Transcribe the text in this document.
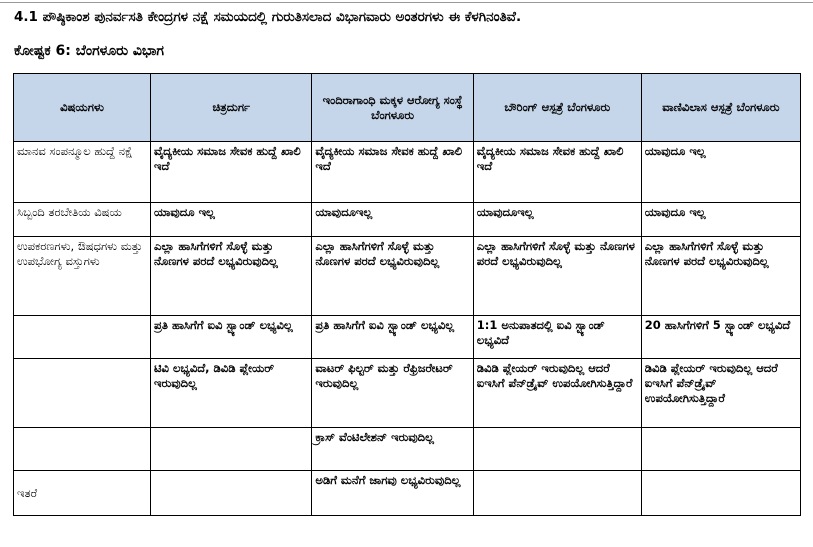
4.1 ಪೌಷ್ಠಿಕಾಂಶ ಪುನರ್ವಸತಿ ಕೇಂದ್ರಗಳ ನಕ್ಷೆ ಸಮಯದಲ್ಲಿ ಗುರುತಿಸಲಾದ ವಿಭಾಗವಾರು ಅಂತರಗಳು ಈ ಕೆಳಗಿನಂತಿವೆ.
ಕೋಷ್ಟಕ 6: ಬೆಂಗಳೂರು ವಿಭಾಗ
ವಿಷಯಗಳು	ಚಿತ್ರದುರ್ಗ	ಇಂದಿರಾಗಾಂಧಿ ಮಕ್ಕಳ ಆರೋಗ್ಯ ಸಂಸ್ಥೆ ಬೆಂಗಳೂರು	ಬೌರಿಂಗ್ ಆಸ್ಪತ್ರೆ ಬೆಂಗಳೂರು	ವಾಣಿವಿಲಾಸ ಆಸ್ಪತ್ರೆ ಬೆಂಗಳೂರು
ಮಾನವ ಸಂಪನ್ಮೂಲ ಹುದ್ದೆ ನಕ್ಷೆ	ವೈದ್ಯಕೀಯ ಸಮಾಜ ಸೇವಕ ಹುದ್ದೆ ಖಾಲಿ ಇದೆ	ವೈದ್ಯಕೀಯ ಸಮಾಜ ಸೇವಕ ಹುದ್ದೆ ಖಾಲಿ ಇದೆ	ವೈದ್ಯಕೀಯ ಸಮಾಜ ಸೇವಕ ಹುದ್ದೆ ಖಾಲಿ ಇದೆ	ಯಾವುದೂ ಇಲ್ಲ
ಸಿಬ್ಬಂದಿ ತರಬೇತಿಯ ವಿಷಯ	ಯಾವುದೂ ಇಲ್ಲ	ಯಾವುದೂಇಲ್ಲ	ಯಾವುದೂಇಲ್ಲ	ಯಾವುದೂ ಇಲ್ಲ
ಉಪಕರಣಗಳು, ಔಷಧಗಳು ಮತ್ತು ಉಪಭೋಗ್ಯ ವಸ್ತುಗಳು	ಎಲ್ಲಾ ಹಾಸಿಗೆಗಳಿಗೆ ಸೊಳ್ಳೆ ಮತ್ತು ನೊಣಗಳ ಪರದೆ ಲಭ್ಯವಿರುವುದಿಲ್ಲ	ಎಲ್ಲಾ ಹಾಸಿಗೆಗಳಿಗೆ ಸೊಳ್ಳೆ ಮತ್ತು ನೊಣಗಳ ಪರದೆ ಲಭ್ಯವಿರುವುದಿಲ್ಲ	ಎಲ್ಲಾ ಹಾಸಿಗೆಗಳಿಗೆ ಸೊಳ್ಳೆ ಮತ್ತು ನೊಣಗಳ ಪರದೆ ಲಭ್ಯವಿರುವುದಿಲ್ಲ	ಎಲ್ಲಾ ಹಾಸಿಗೆಗಳಿಗೆ ಸೊಳ್ಳೆ ಮತ್ತು ನೊಣಗಳ ಪರದೆ ಲಭ್ಯವಿರುವುದಿಲ್ಲ
	ಪ್ರತಿ ಹಾಸಿಗೆಗೆ ಐವಿ ಸ್ಟ್ಯಾಂಡ್ ಲಭ್ಯವಿಲ್ಲ	ಪ್ರತಿ ಹಾಸಿಗೆಗೆ ಐವಿ ಸ್ಟ್ಯಾಂಡ್ ಲಭ್ಯವಿಲ್ಲ	1:1 ಅನುಪಾತದಲ್ಲಿ ಐವಿ ಸ್ಟ್ಯಾಂಡ್ ಲಭ್ಯವಿದೆ	20 ಹಾಸಿಗೆಗಳಿಗೆ 5 ಸ್ಟ್ಯಾಂಡ್ ಲಭ್ಯವಿದೆ
	ಟಿವಿ ಲಭ್ಯವಿದೆ, ಡಿವಿಡಿ ಪ್ಲೇಯರ್ ಇರುವುದಿಲ್ಲ	ವಾಟರ್ ಫಿಲ್ಟರ್ ಮತ್ತು ರೆಫ್ರಿಜರೇಟರ್ ಇರುವುದಿಲ್ಲ	ಡಿವಿಡಿ ಪ್ಲೇಯರ್ ಇರುವುದಿಲ್ಲ ಆದರೆ ಐಇಸಿಗೆ ಪೆನ್‌ಡ್ರೈವ್ ಉಪಯೋಗಿಸುತ್ತಿದ್ದಾರೆ	ಡಿವಿಡಿ ಪ್ಲೇಯರ್ ಇರುವುದಿಲ್ಲ ಆದರೆ ಐಇಸಿಗೆ ಪೆನ್‌ಡ್ರೈವ್ ಉಪಯೋಗಿಸುತ್ತಿದ್ದಾರೆ
		ಕ್ರಾಸ್ ವೆಂಟಿಲೇಶನ್ ಇರುವುದಿಲ್ಲ		
ಇತರೆ		ಅಡಿಗೆ ಮನೆಗೆ ಜಾಗವು ಲಭ್ಯವಿರುವುದಿಲ್ಲ		
